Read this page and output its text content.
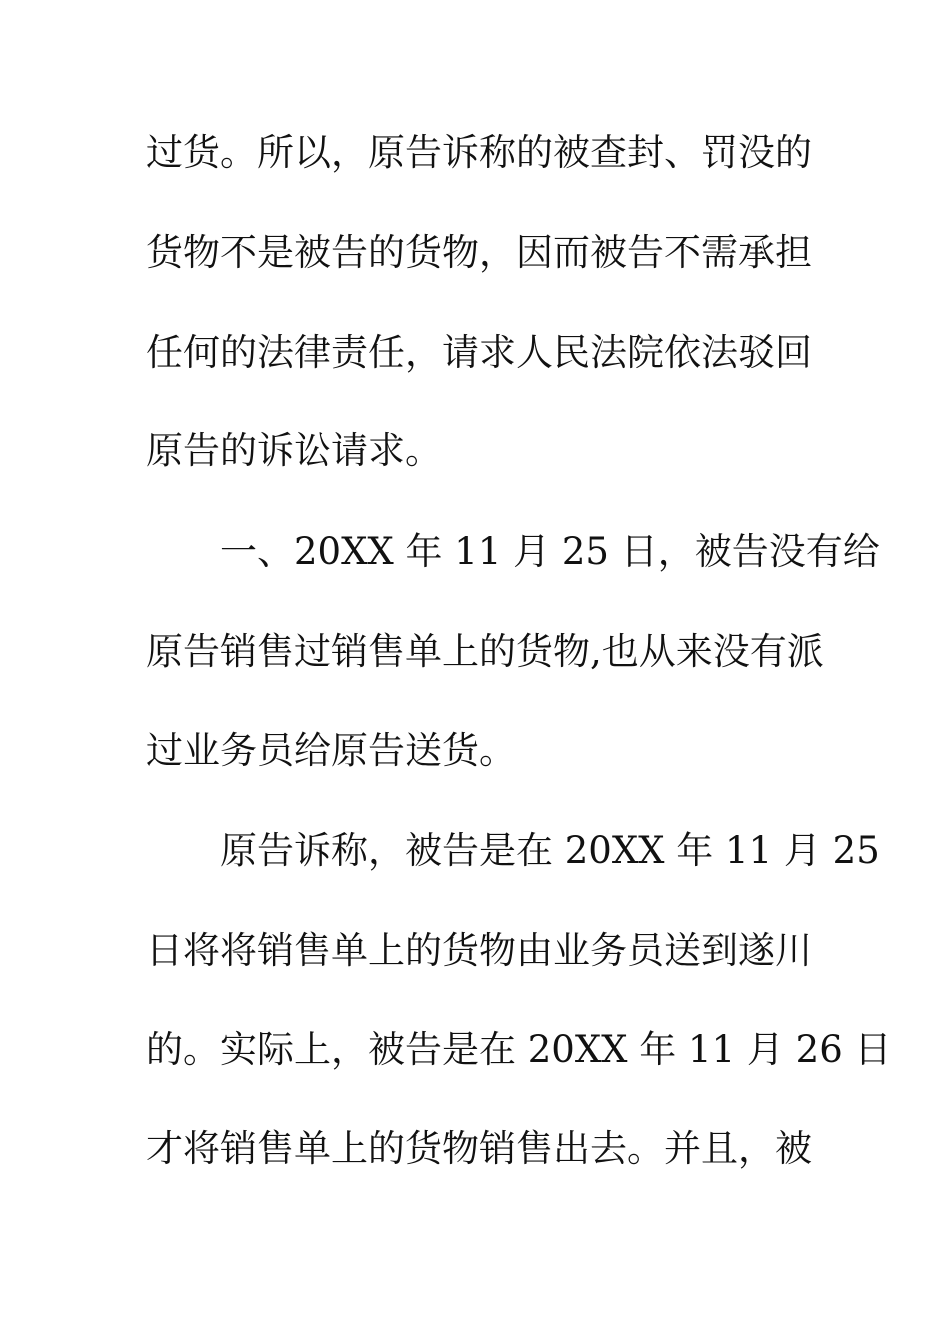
过货。所以，原告诉称的被查封、罚没的
货物不是被告的货物，因而被告不需承担
任何的法律责任，请求人民法院依法驳回
原告的诉讼请求。
一、20XX 年 11 月 25 日，被告没有给
原告销售过销售单上的货物,也从来没有派
过业务员给原告送货。
原告诉称，被告是在 20XX 年 11 月 25
日将将销售单上的货物由业务员送到遂川
的。实际上，被告是在 20XX 年 11 月 26 日
才将销售单上的货物销售出去。并且，被
